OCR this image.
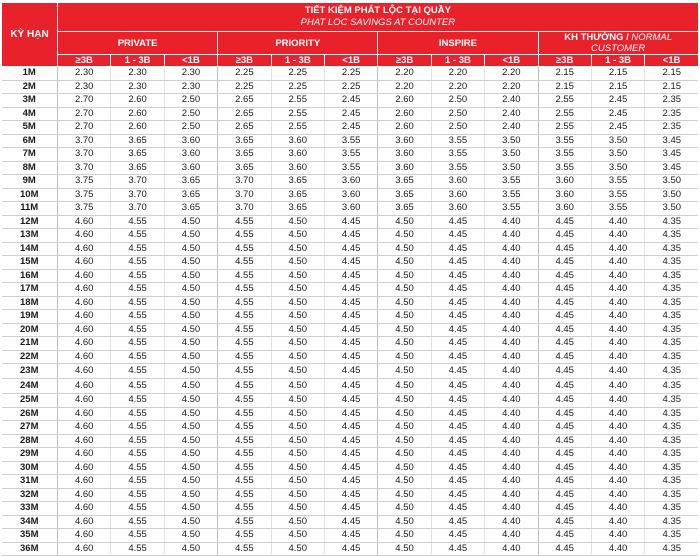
KỲ HẠN	TIẾT KIỆM PHÁT LỘC TẠI QUẦY
PHAT LOC SAVINGS AT COUNTER											

	PRIVATE			PRIORITY			INSPIRE			KH THƯỜNG / NORMAL CUSTOMER		
	≥3B	1 - 3B	<1B	≥3B	1 - 3B	<1B	≥3B	1 - 3B	<1B	≥3B	1 - 3B	<1B
1M	2.30	2.30	2.30	2.25	2.25	2.25	2.20	2.20	2.20	2.15	2.15	2.15
2M	2.30	2.30	2.30	2.25	2.25	2.25	2.20	2.20	2.20	2.15	2.15	2.15
3M	2.70	2.60	2.50	2.65	2.55	2.45	2.60	2.50	2.40	2.55	2.45	2.35
4M	2.70	2.60	2.50	2.65	2.55	2.45	2.60	2.50	2.40	2.55	2.45	2.35
5M	2.70	2.60	2.50	2.65	2.55	2.45	2.60	2.50	2.40	2.55	2.45	2.35
6M	3.70	3.65	3.60	3.65	3.60	3.55	3.60	3.55	3.50	3.55	3.50	3.45
7M	3.70	3.65	3.60	3.65	3.60	3.55	3.60	3.55	3.50	3.55	3.50	3.45
8M	3.70	3.65	3.60	3.65	3.60	3.55	3.60	3.55	3.50	3.55	3.50	3.45
9M	3.75	3.70	3.65	3.70	3.65	3.60	3.65	3.60	3.55	3.60	3.55	3.50
10M	3.75	3.70	3.65	3.70	3.65	3.60	3.65	3.60	3.55	3.60	3.55	3.50
11M	3.75	3.70	3.65	3.70	3.65	3.60	3.65	3.60	3.55	3.60	3.55	3.50
12M	4.60	4.55	4.50	4.55	4.50	4.45	4.50	4.45	4.40	4.45	4.40	4.35
13M	4.60	4.55	4.50	4.55	4.50	4.45	4.50	4.45	4.40	4.45	4.40	4.35
14M	4.60	4.55	4.50	4.55	4.50	4.45	4.50	4.45	4.40	4.45	4.40	4.35
15M	4.60	4.55	4.50	4.55	4.50	4.45	4.50	4.45	4.40	4.45	4.40	4.35
16M	4.60	4.55	4.50	4.55	4.50	4.45	4.50	4.45	4.40	4.45	4.40	4.35
17M	4.60	4.55	4.50	4.55	4.50	4.45	4.50	4.45	4.40	4.45	4.40	4.35
18M	4.60	4.55	4.50	4.55	4.50	4.45	4.50	4.45	4.40	4.45	4.40	4.35
19M	4.60	4.55	4.50	4.55	4.50	4.45	4.50	4.45	4.40	4.45	4.40	4.35
20M	4.60	4.55	4.50	4.55	4.50	4.45	4.50	4.45	4.40	4.45	4.40	4.35
21M	4.60	4.55	4.50	4.55	4.50	4.45	4.50	4.45	4.40	4.45	4.40	4.35
22M	4.60	4.55	4.50	4.55	4.50	4.45	4.50	4.45	4.40	4.45	4.40	4.35
23M	4.60	4.55	4.50	4.55	4.50	4.45	4.50	4.45	4.40	4.45	4.40	4.35
24M	4.60	4.55	4.50	4.55	4.50	4.45	4.50	4.45	4.40	4.45	4.40	4.35
25M	4.60	4.55	4.50	4.55	4.50	4.45	4.50	4.45	4.40	4.45	4.40	4.35
26M	4.60	4.55	4.50	4.55	4.50	4.45	4.50	4.45	4.40	4.45	4.40	4.35
27M	4.60	4.55	4.50	4.55	4.50	4.45	4.50	4.45	4.40	4.45	4.40	4.35
28M	4.60	4.55	4.50	4.55	4.50	4.45	4.50	4.45	4.40	4.45	4.40	4.35
29M	4.60	4.55	4.50	4.55	4.50	4.45	4.50	4.45	4.40	4.45	4.40	4.35
30M	4.60	4.55	4.50	4.55	4.50	4.45	4.50	4.45	4.40	4.45	4.40	4.35
31M	4.60	4.55	4.50	4.55	4.50	4.45	4.50	4.45	4.40	4.45	4.40	4.35
32M	4.60	4.55	4.50	4.55	4.50	4.45	4.50	4.45	4.40	4.45	4.40	4.35
33M	4.60	4.55	4.50	4.55	4.50	4.45	4.50	4.45	4.40	4.45	4.40	4.35
34M	4.60	4.55	4.50	4.55	4.50	4.45	4.50	4.45	4.40	4.45	4.40	4.35
35M	4.60	4.55	4.50	4.55	4.50	4.45	4.50	4.45	4.40	4.45	4.40	4.35
36M	4.60	4.55	4.50	4.55	4.50	4.45	4.50	4.45	4.40	4.45	4.40	4.35
